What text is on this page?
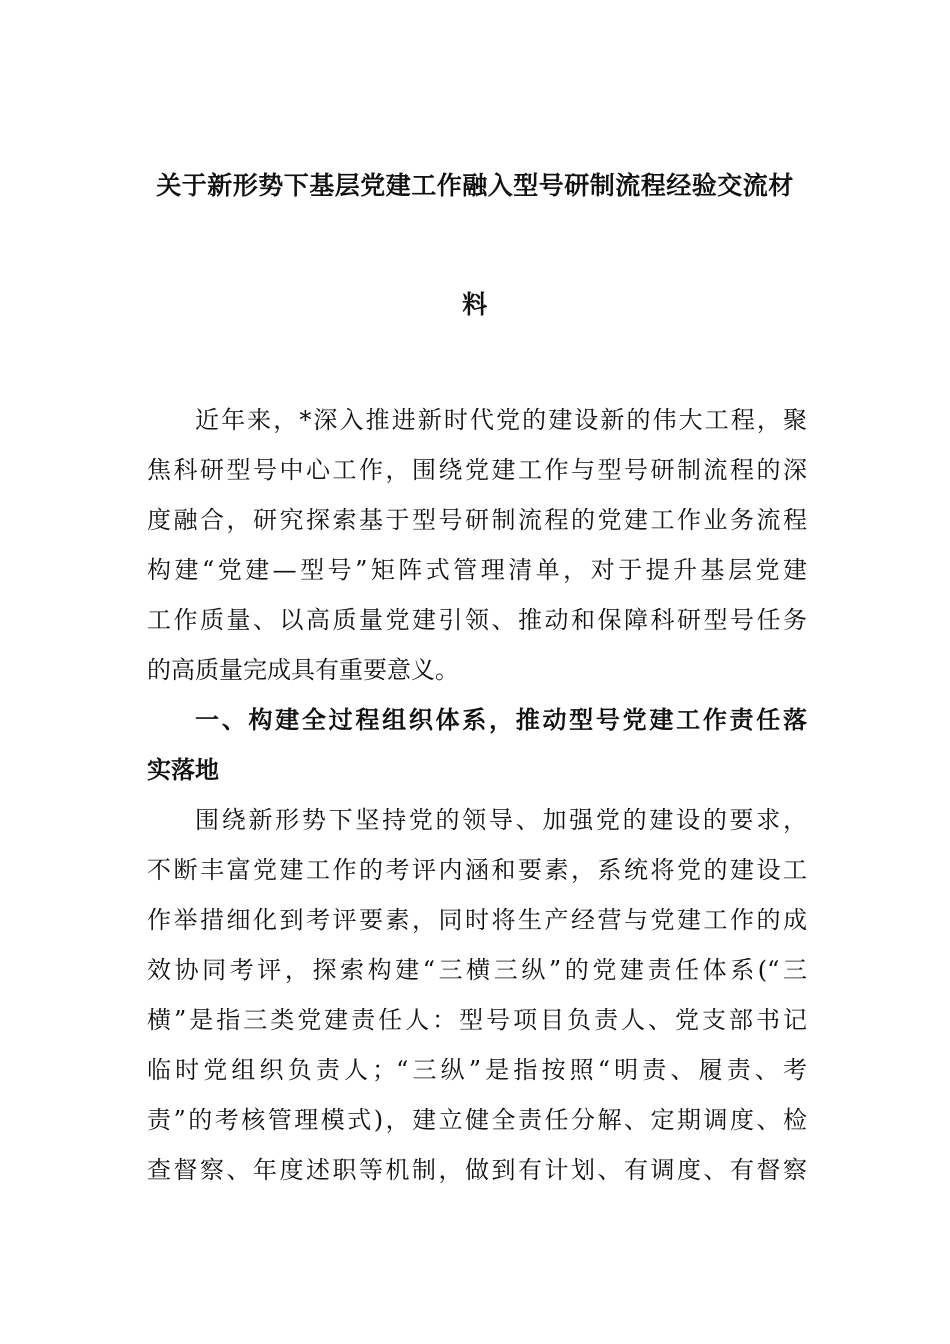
关于新形势下基层党建工作融入型号研制流程经验交流材
料
近年来，*深入推进新时代党的建设新的伟大工程，聚
焦科研型号中心工作，围绕党建工作与型号研制流程的深
度融合，研究探索基于型号研制流程的党建工作业务流程
构建“党建—型号”矩阵式管理清单，对于提升基层党建
工作质量、以高质量党建引领、推动和保障科研型号任务
的高质量完成具有重要意义。
一、构建全过程组织体系，推动型号党建工作责任落
实落地
围绕新形势下坚持党的领导、加强党的建设的要求，
不断丰富党建工作的考评内涵和要素，系统将党的建设工
作举措细化到考评要素，同时将生产经营与党建工作的成
效协同考评，探索构建“三横三纵”的党建责任体系(“三
横”是指三类党建责任人：型号项目负责人、党支部书记
临时党组织负责人；“三纵”是指按照“明责、履责、考
责”的考核管理模式)，建立健全责任分解、定期调度、检
查督察、年度述职等机制，做到有计划、有调度、有督察
